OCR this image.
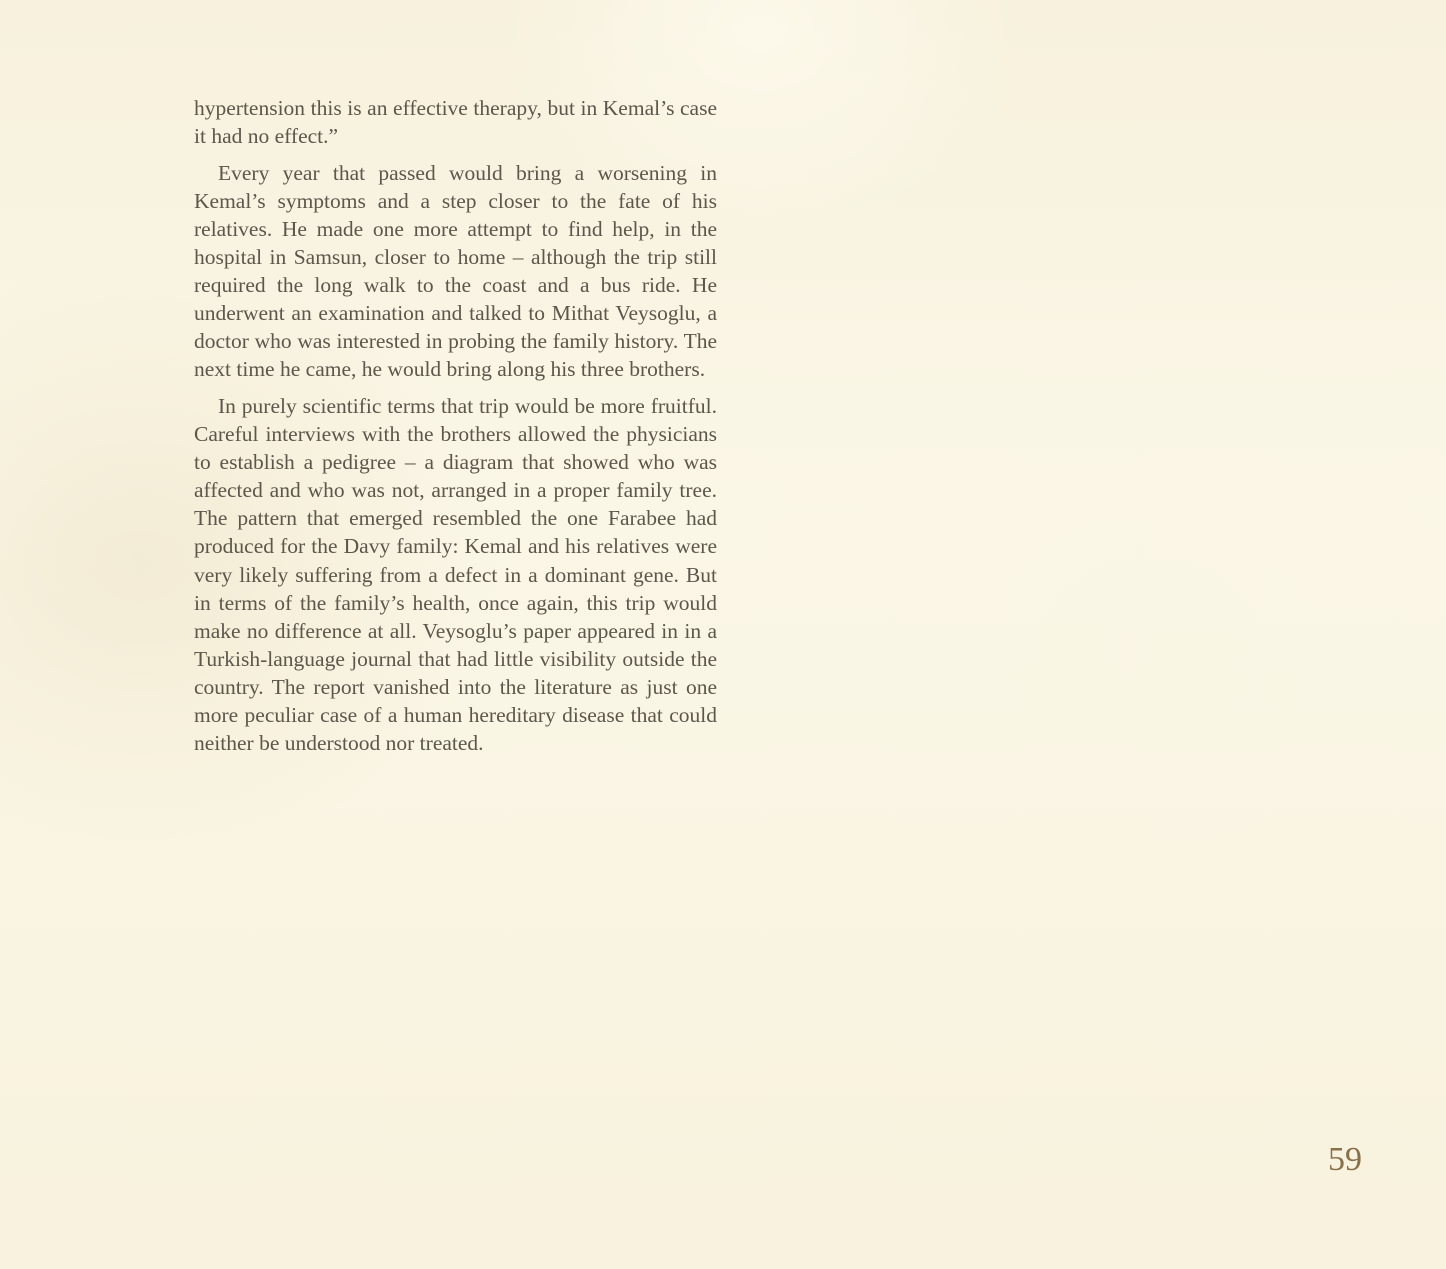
hypertension this is an effective therapy, but in Kemal’s case it had no effect.”

Every year that passed would bring a worsening in Kemal’s symptoms and a step closer to the fate of his relatives. He made one more attempt to find help, in the hospital in Samsun, closer to home – although the trip still required the long walk to the coast and a bus ride. He underwent an examination and talked to Mithat Veysoglu, a doctor who was interested in probing the family history. The next time he came, he would bring along his three brothers.

In purely scientific terms that trip would be more fruitful. Careful interviews with the brothers allowed the physicians to establish a pedigree – a diagram that showed who was affected and who was not, arranged in a proper family tree. The pattern that emerged resembled the one Farabee had produced for the Davy family: Kemal and his relatives were very likely suffering from a defect in a dominant gene. But in terms of the family’s health, once again, this trip would make no difference at all. Veysoglu’s paper appeared in in a Turkish-language journal that had little visibility outside the country. The report vanished into the literature as just one more peculiar case of a human hereditary disease that could neither be understood nor treated.

59
